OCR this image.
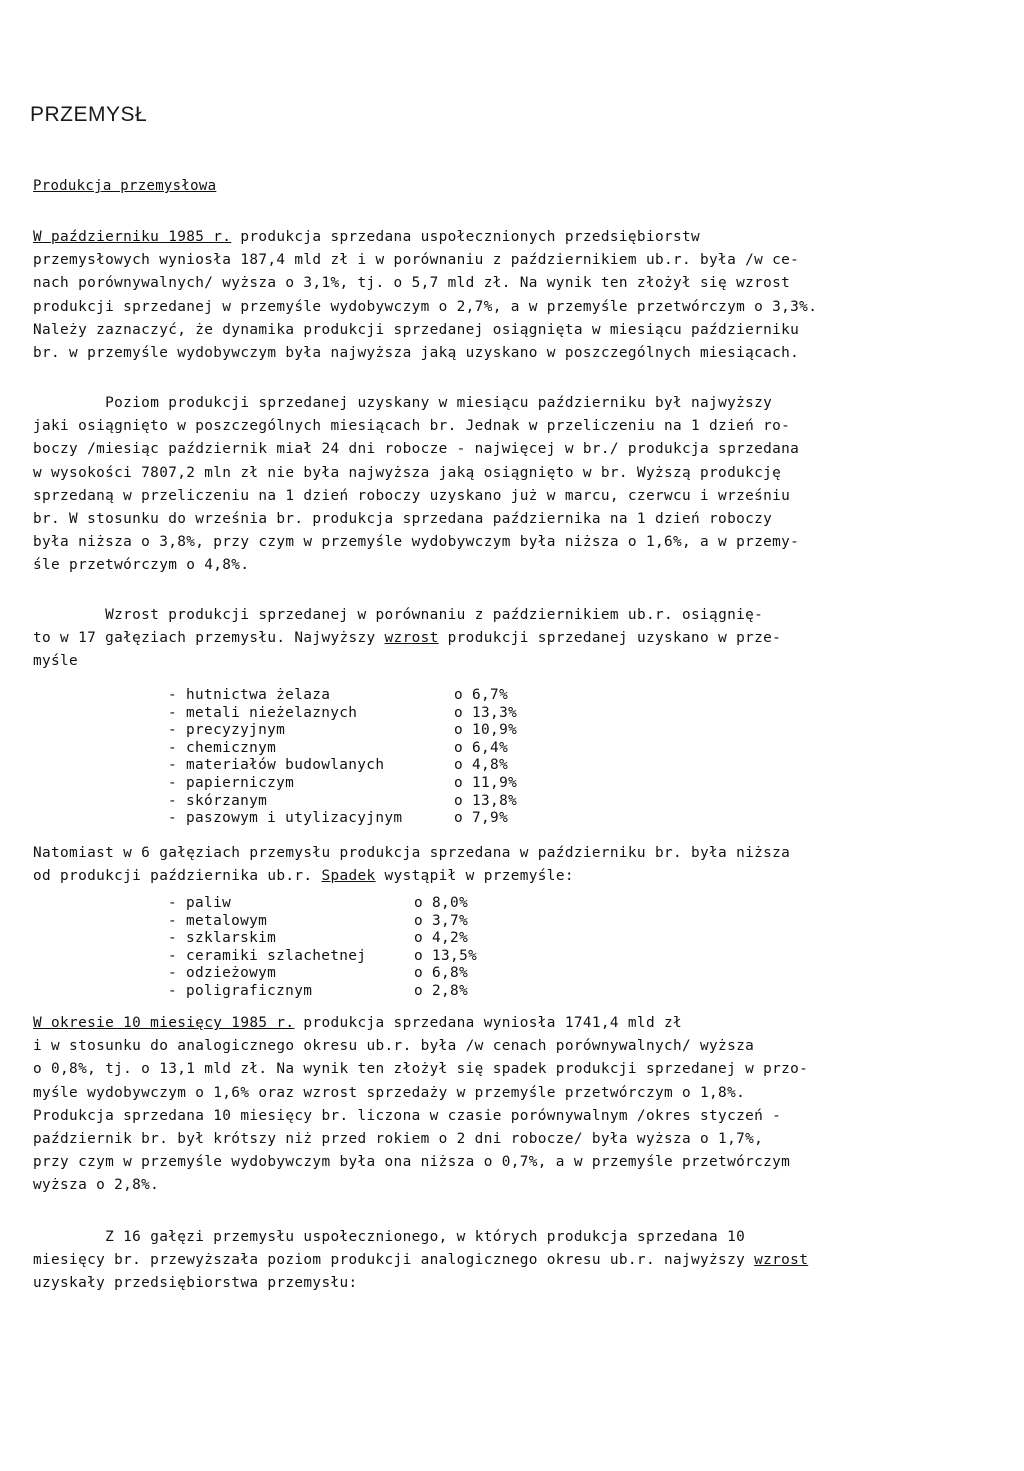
PRZEMYSŁ
Produkcja przemysłowa

W październiku 1985 r. produkcja sprzedana uspołecznionych przedsiębiorstw
przemysłowych wyniosła 187,4 mld zł i w porównaniu z październikiem ub.r. była /w ce-
nach porównywalnych/ wyższa o 3,1%, tj. o 5,7 mld zł. Na wynik ten złożył się wzrost
produkcji sprzedanej w przemyśle wydobywczym o 2,7%, a w przemyśle przetwórczym o 3,3%.
Należy zaznaczyć, że dynamika produkcji sprzedanej osiągnięta w miesiącu październiku
br. w przemyśle wydobywczym była najwyższa jaką uzyskano w poszczególnych miesiącach.

Poziom produkcji sprzedanej uzyskany w miesiącu październiku był najwyższy
jaki osiągnięto w poszczególnych miesiącach br. Jednak w przeliczeniu na 1 dzień ro-
boczy /miesiąc październik miał 24 dni robocze - najwięcej w br./ produkcja sprzedana
w wysokości 7807,2 mln zł nie była najwyższa jaką osiągnięto w br. Wyższą produkcję
sprzedaną w przeliczeniu na 1 dzień roboczy uzyskano już w marcu, czerwcu i wrześniu
br. W stosunku do września br. produkcja sprzedana października na 1 dzień roboczy
była niższa o 3,8%, przy czym w przemyśle wydobywczym była niższa o 1,6%, a w przemy-
śle przetwórczym o 4,8%.

Wzrost produkcji sprzedanej w porównaniu z październikiem ub.r. osiągnię-
to w 17 gałęziach przemysłu. Najwyższy wzrost produkcji sprzedanej uzyskano w prze-
myśle

- hutnictwa żelaza	o 6,7%
- metali nieżelaznych	o 13,3%
- precyzyjnym	o 10,9%
- chemicznym	o 6,4%
- materiałów budowlanych	o 4,8%
- papierniczym	o 11,9%
- skórzanym	o 13,8%
- paszowym i utylizacyjnym	o 7,9%

Natomiast w 6 gałęziach przemysłu produkcja sprzedana w październiku br. była niższa
od produkcji października ub.r. Spadek wystąpił w przemyśle:

- paliw	o 8,0%
- metalowym	o 3,7%
- szklarskim	o 4,2%
- ceramiki szlachetnej	o 13,5%
- odzieżowym	o 6,8%
- poligraficznym	o 2,8%

W okresie 10 miesięcy 1985 r. produkcja sprzedana wyniosła 1741,4 mld zł
i w stosunku do analogicznego okresu ub.r. była /w cenach porównywalnych/ wyższa
o 0,8%, tj. o 13,1 mld zł. Na wynik ten złożył się spadek produkcji sprzedanej w przo-
myśle wydobywczym o 1,6% oraz wzrost sprzedaży w przemyśle przetwórczym o 1,8%.
Produkcja sprzedana 10 miesięcy br. liczona w czasie porównywalnym /okres styczeń -
październik br. był krótszy niż przed rokiem o 2 dni robocze/ była wyższa o 1,7%,
przy czym w przemyśle wydobywczym była ona niższa o 0,7%, a w przemyśle przetwórczym
wyższa o 2,8%.

Z 16 gałęzi przemysłu uspołecznionego, w których produkcja sprzedana 10
miesięcy br. przewyższała poziom produkcji analogicznego okresu ub.r. najwyższy wzrost
uzyskały przedsiębiorstwa przemysłu:
